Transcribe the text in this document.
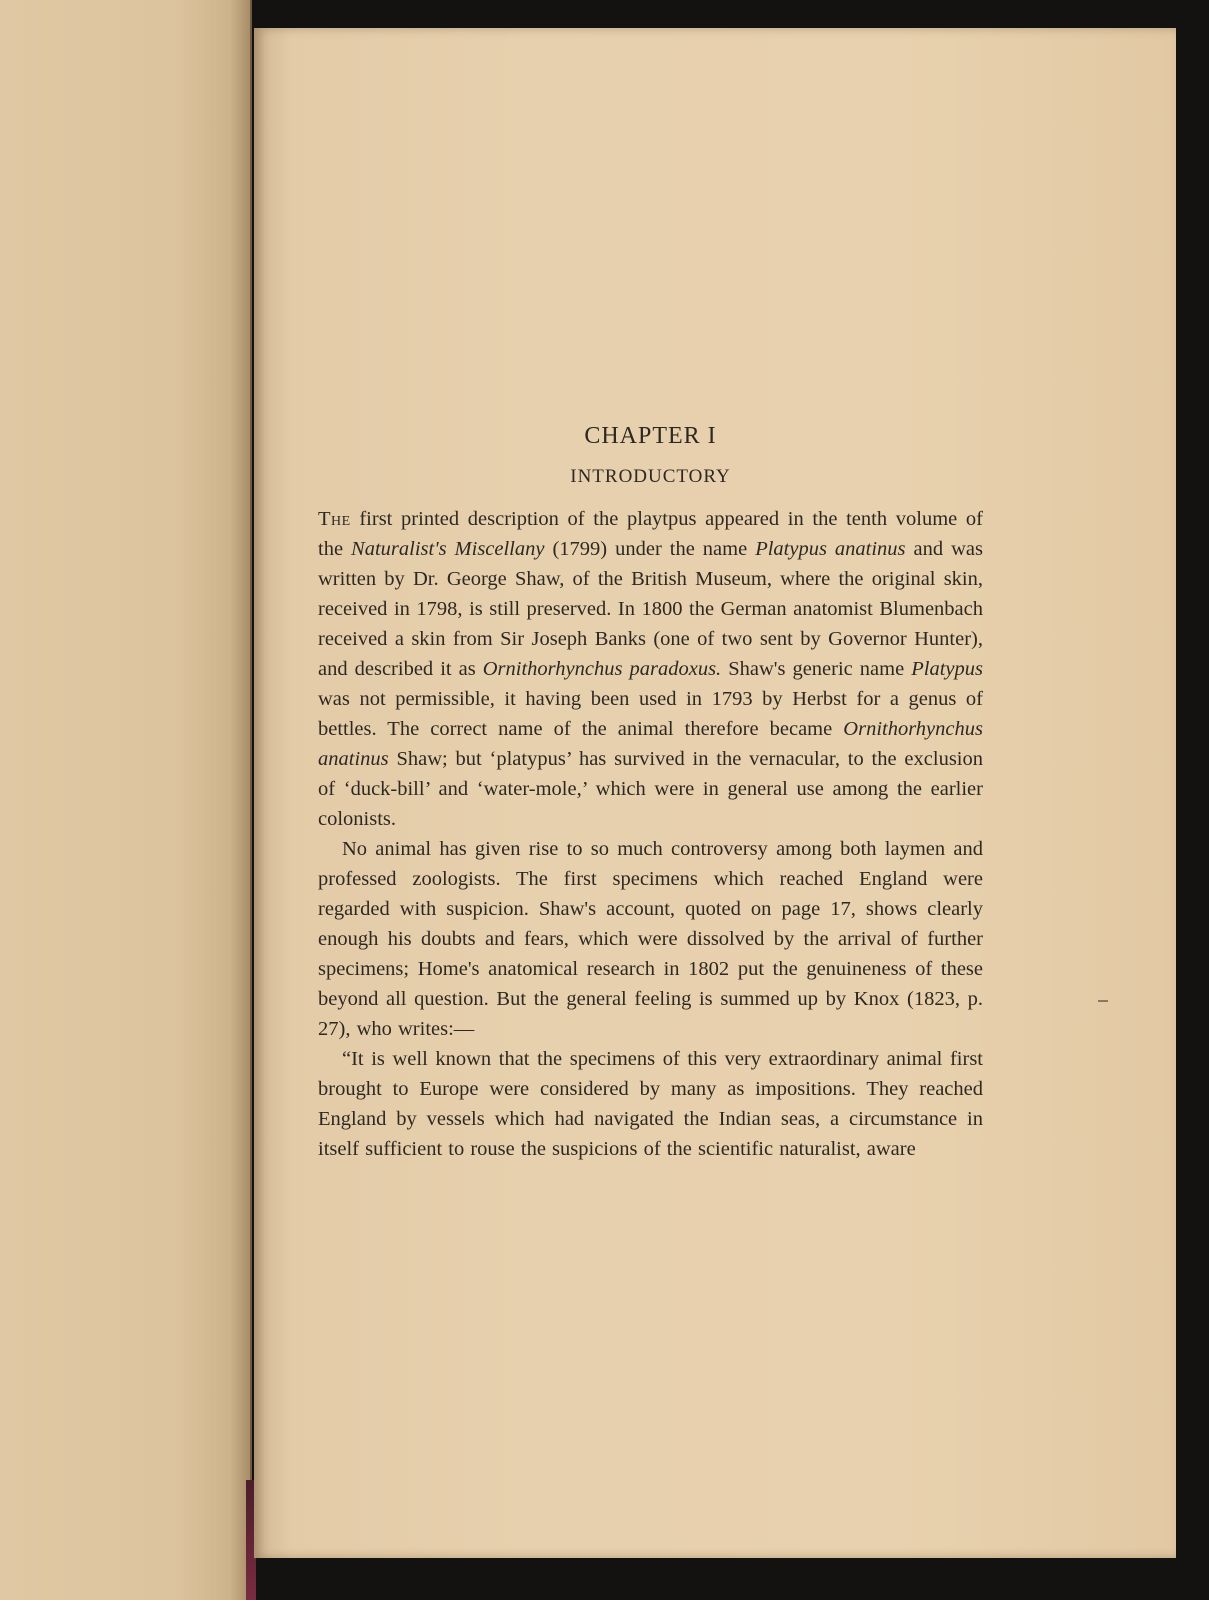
CHAPTER I
INTRODUCTORY

The first printed description of the playtpus appeared in the tenth volume of the Naturalist's Miscellany (1799) under the name Platypus anatinus and was written by Dr. George Shaw, of the British Museum, where the original skin, received in 1798, is still preserved. In 1800 the German anatomist Blumenbach received a skin from Sir Joseph Banks (one of two sent by Governor Hunter), and described it as Ornithorhynchus paradoxus. Shaw's generic name Platypus was not permissible, it having been used in 1793 by Herbst for a genus of bettles. The correct name of the animal therefore became Ornithorhynchus anatinus Shaw; but ‘platypus’ has survived in the vernacular, to the exclusion of ‘duck-bill’ and ‘water-mole,’ which were in general use among the earlier colonists.

No animal has given rise to so much controversy among both laymen and professed zoologists. The first specimens which reached England were regarded with suspicion. Shaw's account, quoted on page 17, shows clearly enough his doubts and fears, which were dissolved by the arrival of further specimens; Home's anatomical research in 1802 put the genuineness of these beyond all question. But the general feeling is summed up by Knox (1823, p. 27), who writes:—

“It is well known that the specimens of this very extraordinary animal first brought to Europe were considered by many as impositions. They reached England by vessels which had navigated the Indian seas, a circumstance in itself sufficient to rouse the suspicions of the scientific naturalist, aware
